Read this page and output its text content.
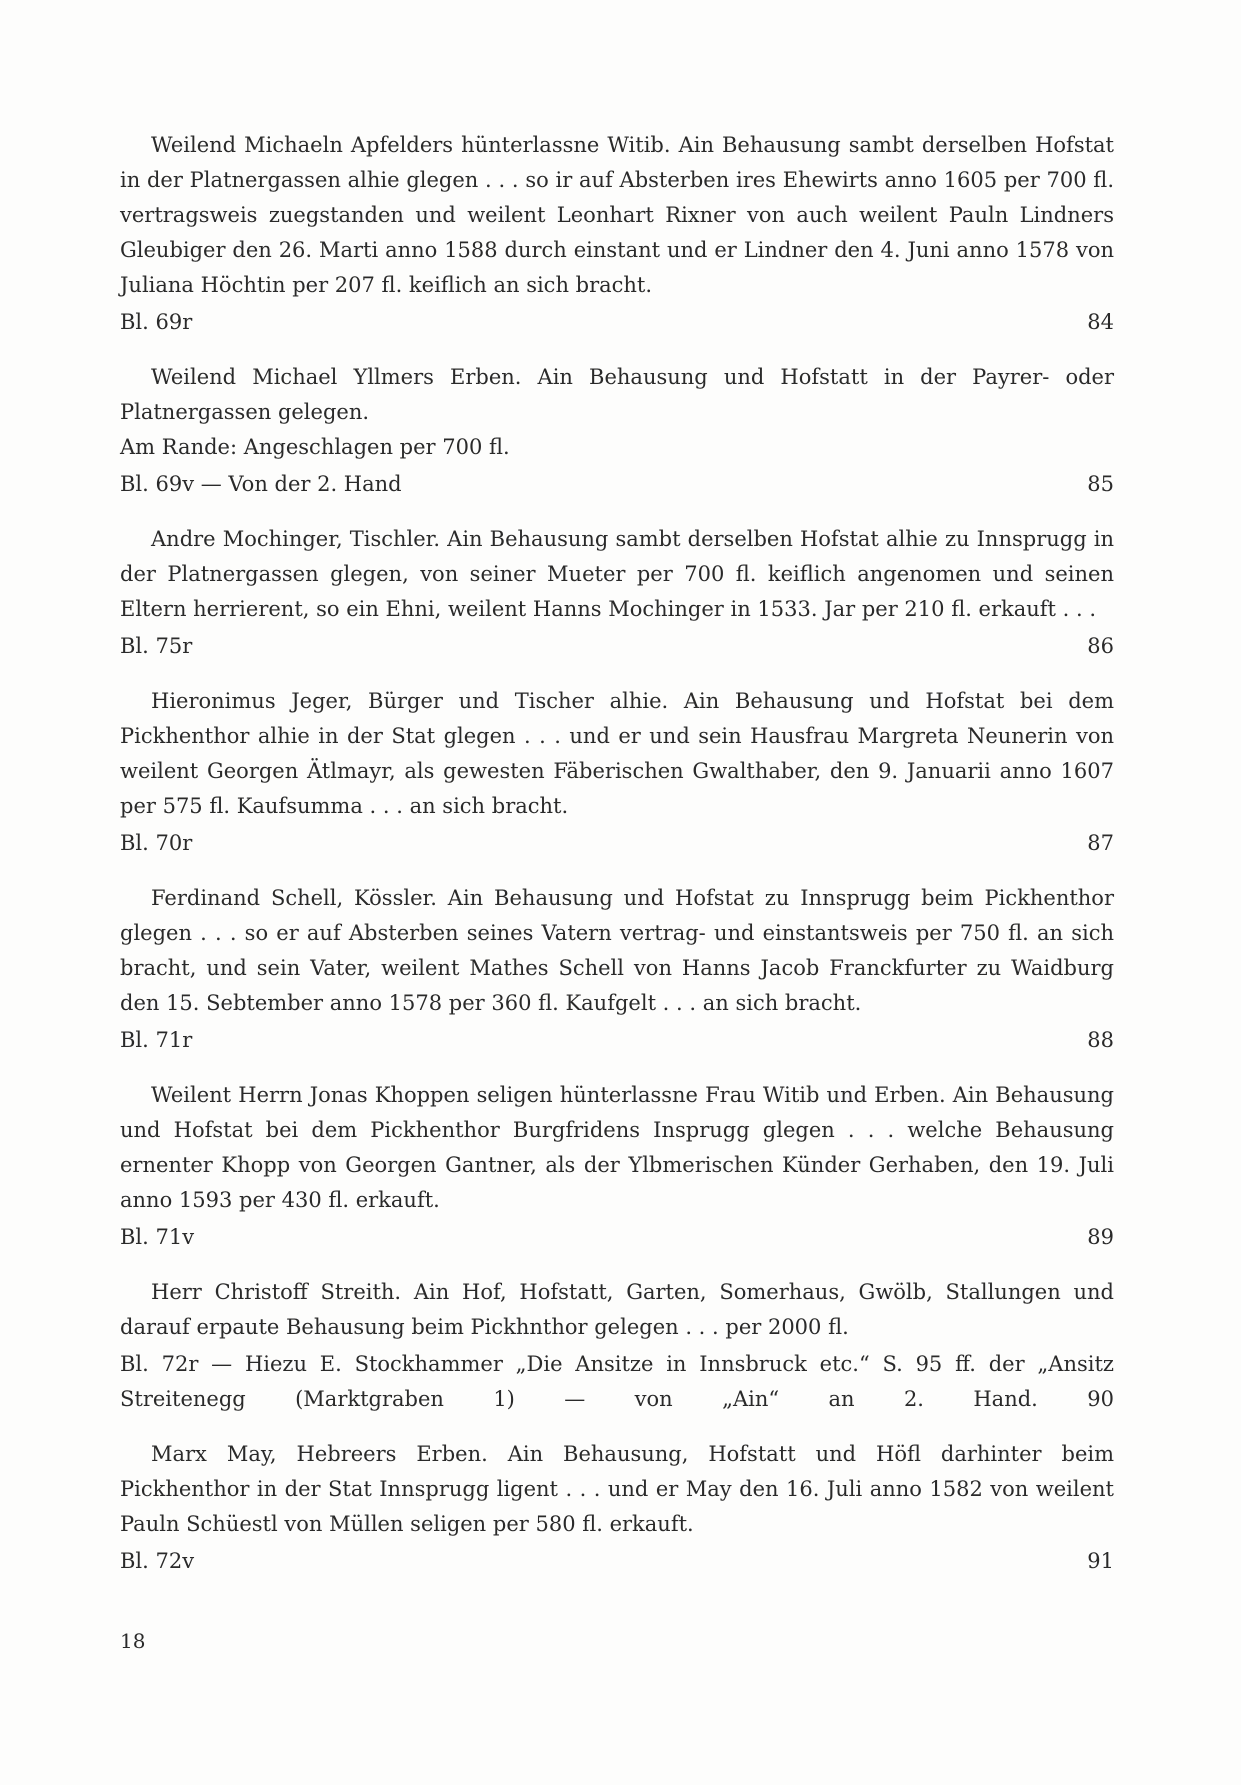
Weilend Michaeln Apfelders hünterlassne Witib. Ain Behausung sambt derselben Hofstat in der Platnergassen alhie glegen . . . so ir auf Absterben ires Ehewirts anno 1605 per 700 fl. vertragsweis zuegstanden und weilent Leonhart Rixner von auch weilent Pauln Lindners Gleubiger den 26. Marti anno 1588 durch einstant und er Lindner den 4. Juni anno 1578 von Juliana Höchtin per 207 fl. keiflich an sich bracht.

Bl. 69r	84

Weilend Michael Yllmers Erben. Ain Behausung und Hofstatt in der Payrer- oder Platnergassen gelegen.

Am Rande: Angeschlagen per 700 fl.

Bl. 69v — Von der 2. Hand	85

Andre Mochinger, Tischler. Ain Behausung sambt derselben Hofstat alhie zu Innsprugg in der Platnergassen glegen, von seiner Mueter per 700 fl. keiflich angenomen und seinen Eltern herrierent, so ein Ehni, weilent Hanns Mochinger in 1533. Jar per 210 fl. erkauft . . .

Bl. 75r	86

Hieronimus Jeger, Bürger und Tischer alhie. Ain Behausung und Hofstat bei dem Pickhenthor alhie in der Stat glegen . . . und er und sein Hausfrau Margreta Neunerin von weilent Georgen Ätlmayr, als gewesten Fäberischen Gwalthaber, den 9. Januarii anno 1607 per 575 fl. Kaufsumma . . . an sich bracht.

Bl. 70r	87

Ferdinand Schell, Kössler. Ain Behausung und Hofstat zu Innsprugg beim Pickhenthor glegen . . . so er auf Absterben seines Vatern vertrag- und einstantsweis per 750 fl. an sich bracht, und sein Vater, weilent Mathes Schell von Hanns Jacob Franckfurter zu Waidburg den 15. Sebtember anno 1578 per 360 fl. Kaufgelt . . . an sich bracht.

Bl. 71r	88

Weilent Herrn Jonas Khoppen seligen hünterlassne Frau Witib und Erben. Ain Behausung und Hofstat bei dem Pickhenthor Burgfridens Insprugg glegen . . . welche Behausung ernenter Khopp von Georgen Gantner, als der Ylbmerischen Künder Gerhaben, den 19. Juli anno 1593 per 430 fl. erkauft.

Bl. 71v	89

Herr Christoff Streith. Ain Hof, Hofstatt, Garten, Somerhaus, Gwölb, Stallungen und darauf erpaute Behausung beim Pickhnthor gelegen . . . per 2000 fl.

Bl. 72r — Hiezu E. Stockhammer „Die Ansitze in Innsbruck etc.“ S. 95 ff. der „Ansitz Streitenegg (Marktgraben 1) — von „Ain“ an 2. Hand. 90

Marx May, Hebreers Erben. Ain Behausung, Hofstatt und Höfl darhinter beim Pickhenthor in der Stat Innsprugg ligent . . . und er May den 16. Juli anno 1582 von weilent Pauln Schüestl von Müllen seligen per 580 fl. erkauft.

Bl. 72v	91
18
